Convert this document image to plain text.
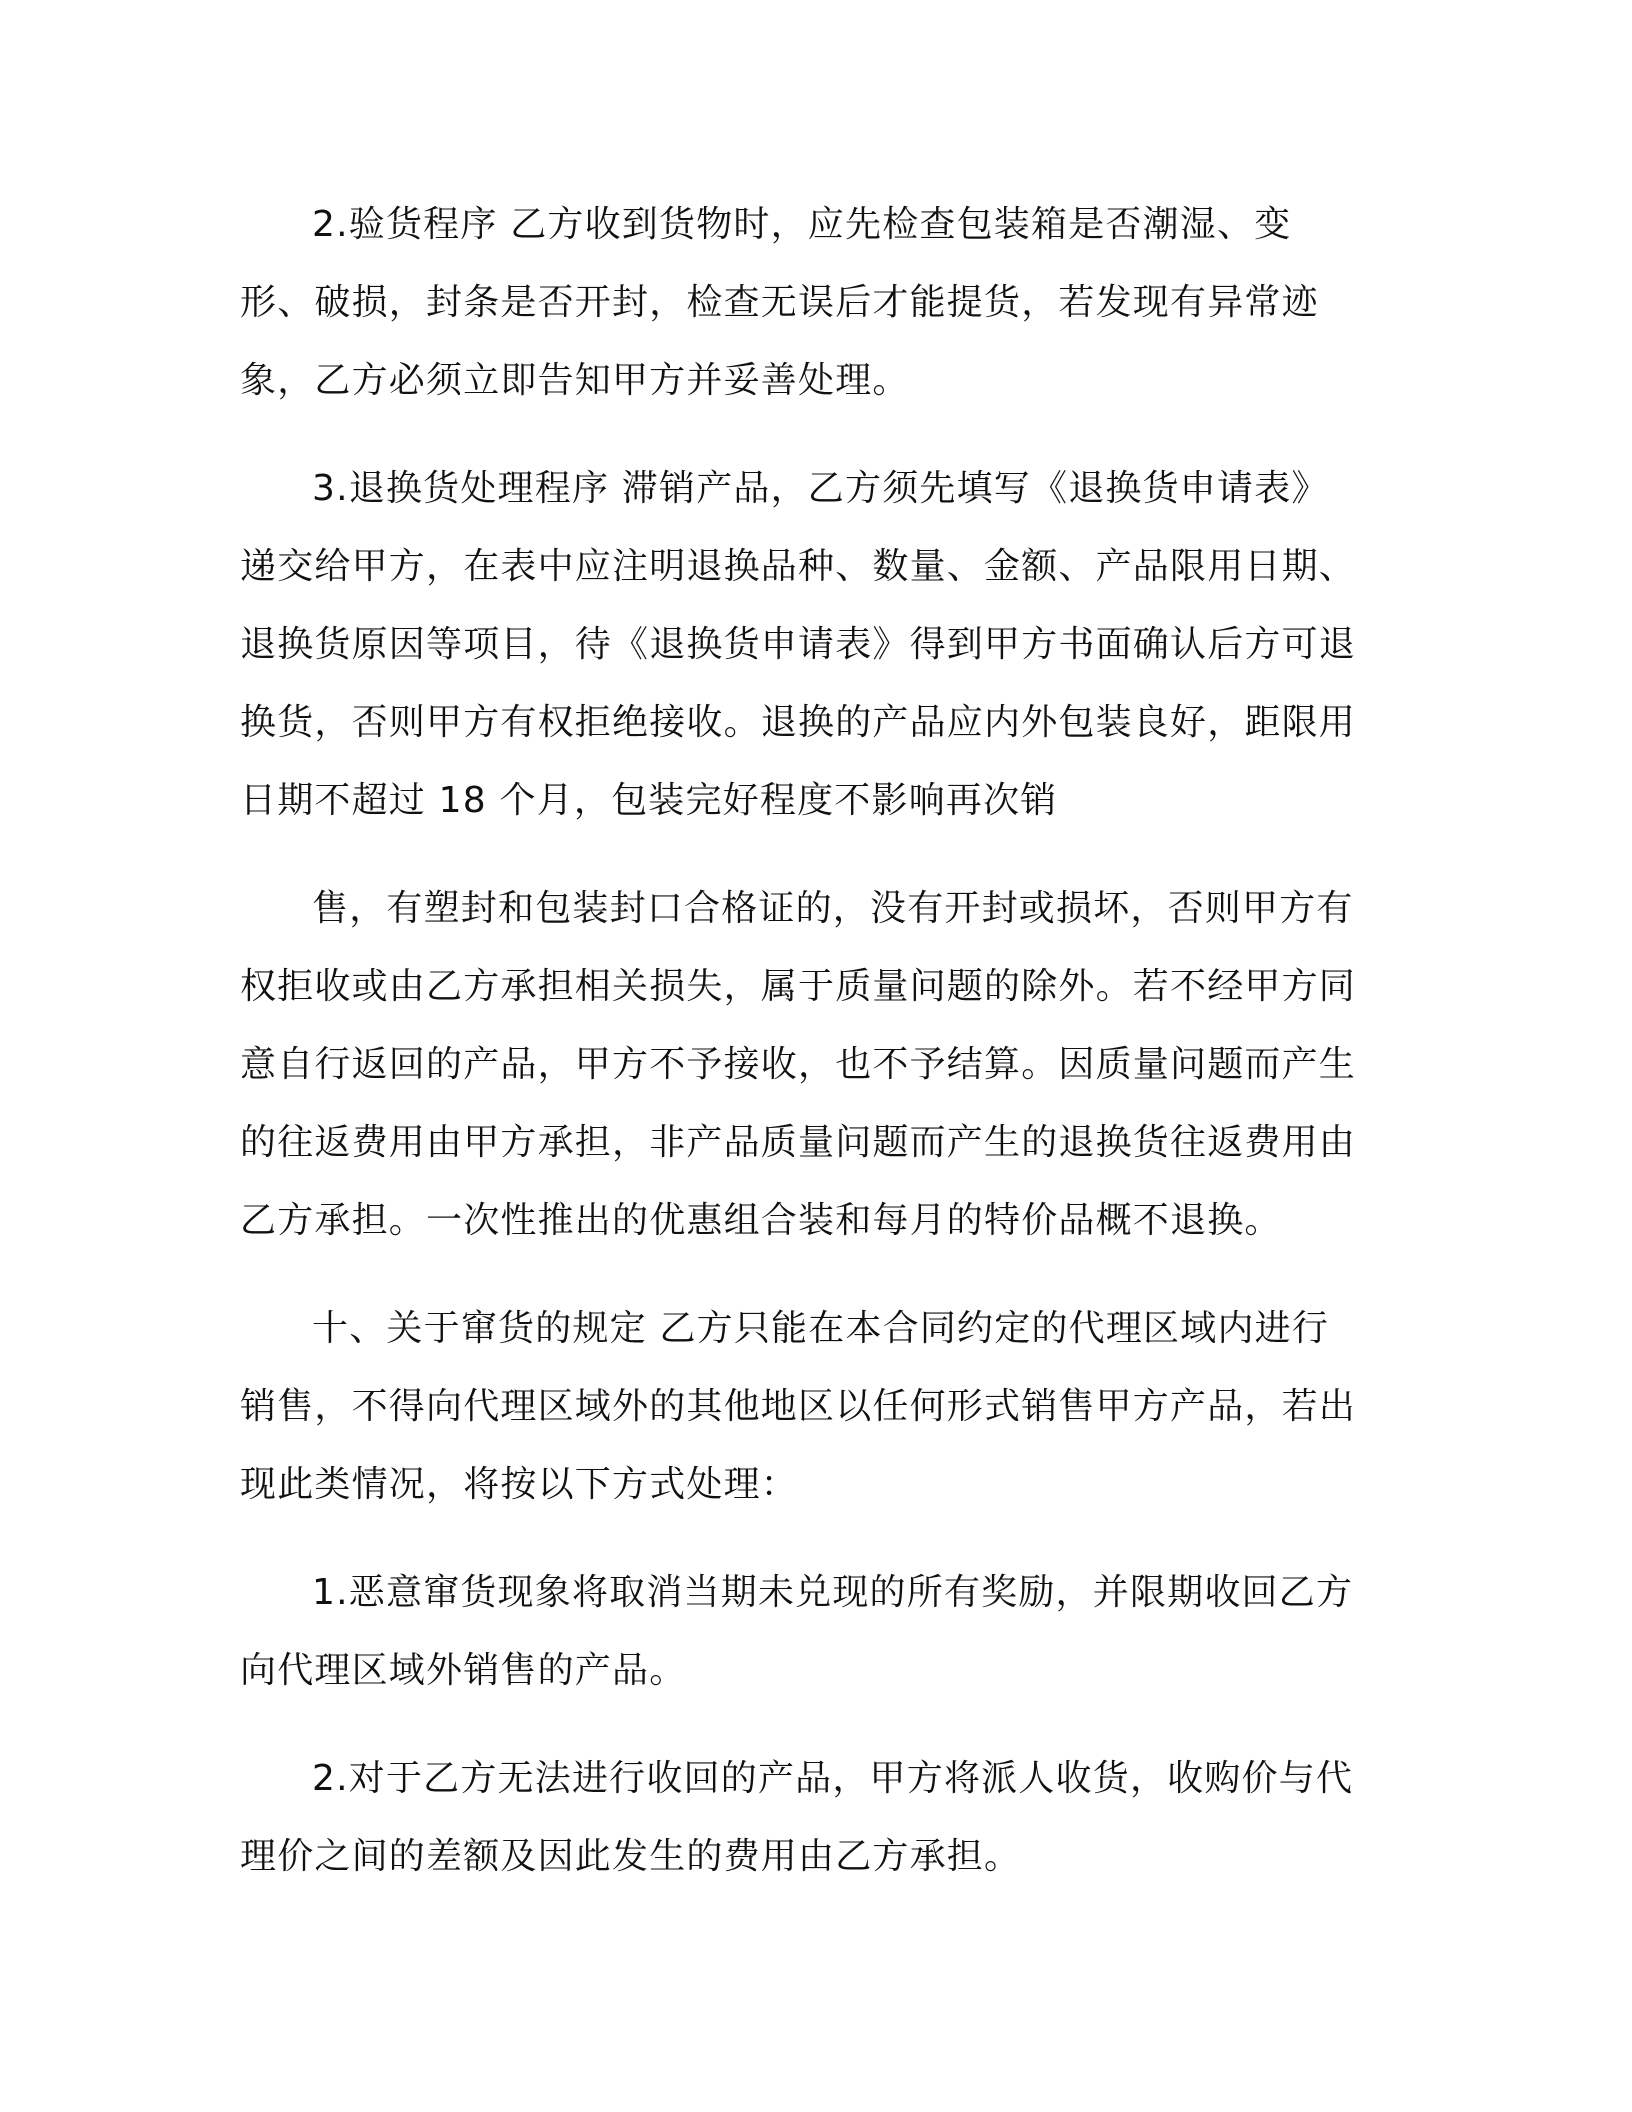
2.验货程序 乙方收到货物时，应先检查包装箱是否潮湿、变形、破损，封条是否开封，检查无误后才能提货，若发现有异常迹象，乙方必须立即告知甲方并妥善处理。

3.退换货处理程序 滞销产品，乙方须先填写《退换货申请表》递交给甲方，在表中应注明退换品种、数量、金额、产品限用日期、退换货原因等项目，待《退换货申请表》得到甲方书面确认后方可退换货，否则甲方有权拒绝接收。退换的产品应内外包装良好，距限用日期不超过 18 个月，包装完好程度不影响再次销

售，有塑封和包装封口合格证的，没有开封或损坏，否则甲方有权拒收或由乙方承担相关损失，属于质量问题的除外。若不经甲方同意自行返回的产品，甲方不予接收，也不予结算。因质量问题而产生的往返费用由甲方承担，非产品质量问题而产生的退换货往返费用由乙方承担。一次性推出的优惠组合装和每月的特价品概不退换。

十、关于窜货的规定 乙方只能在本合同约定的代理区域内进行销售，不得向代理区域外的其他地区以任何形式销售甲方产品，若出现此类情况，将按以下方式处理：

1.恶意窜货现象将取消当期未兑现的所有奖励，并限期收回乙方向代理区域外销售的产品。

2.对于乙方无法进行收回的产品，甲方将派人收货，收购价与代理价之间的差额及因此发生的费用由乙方承担。
